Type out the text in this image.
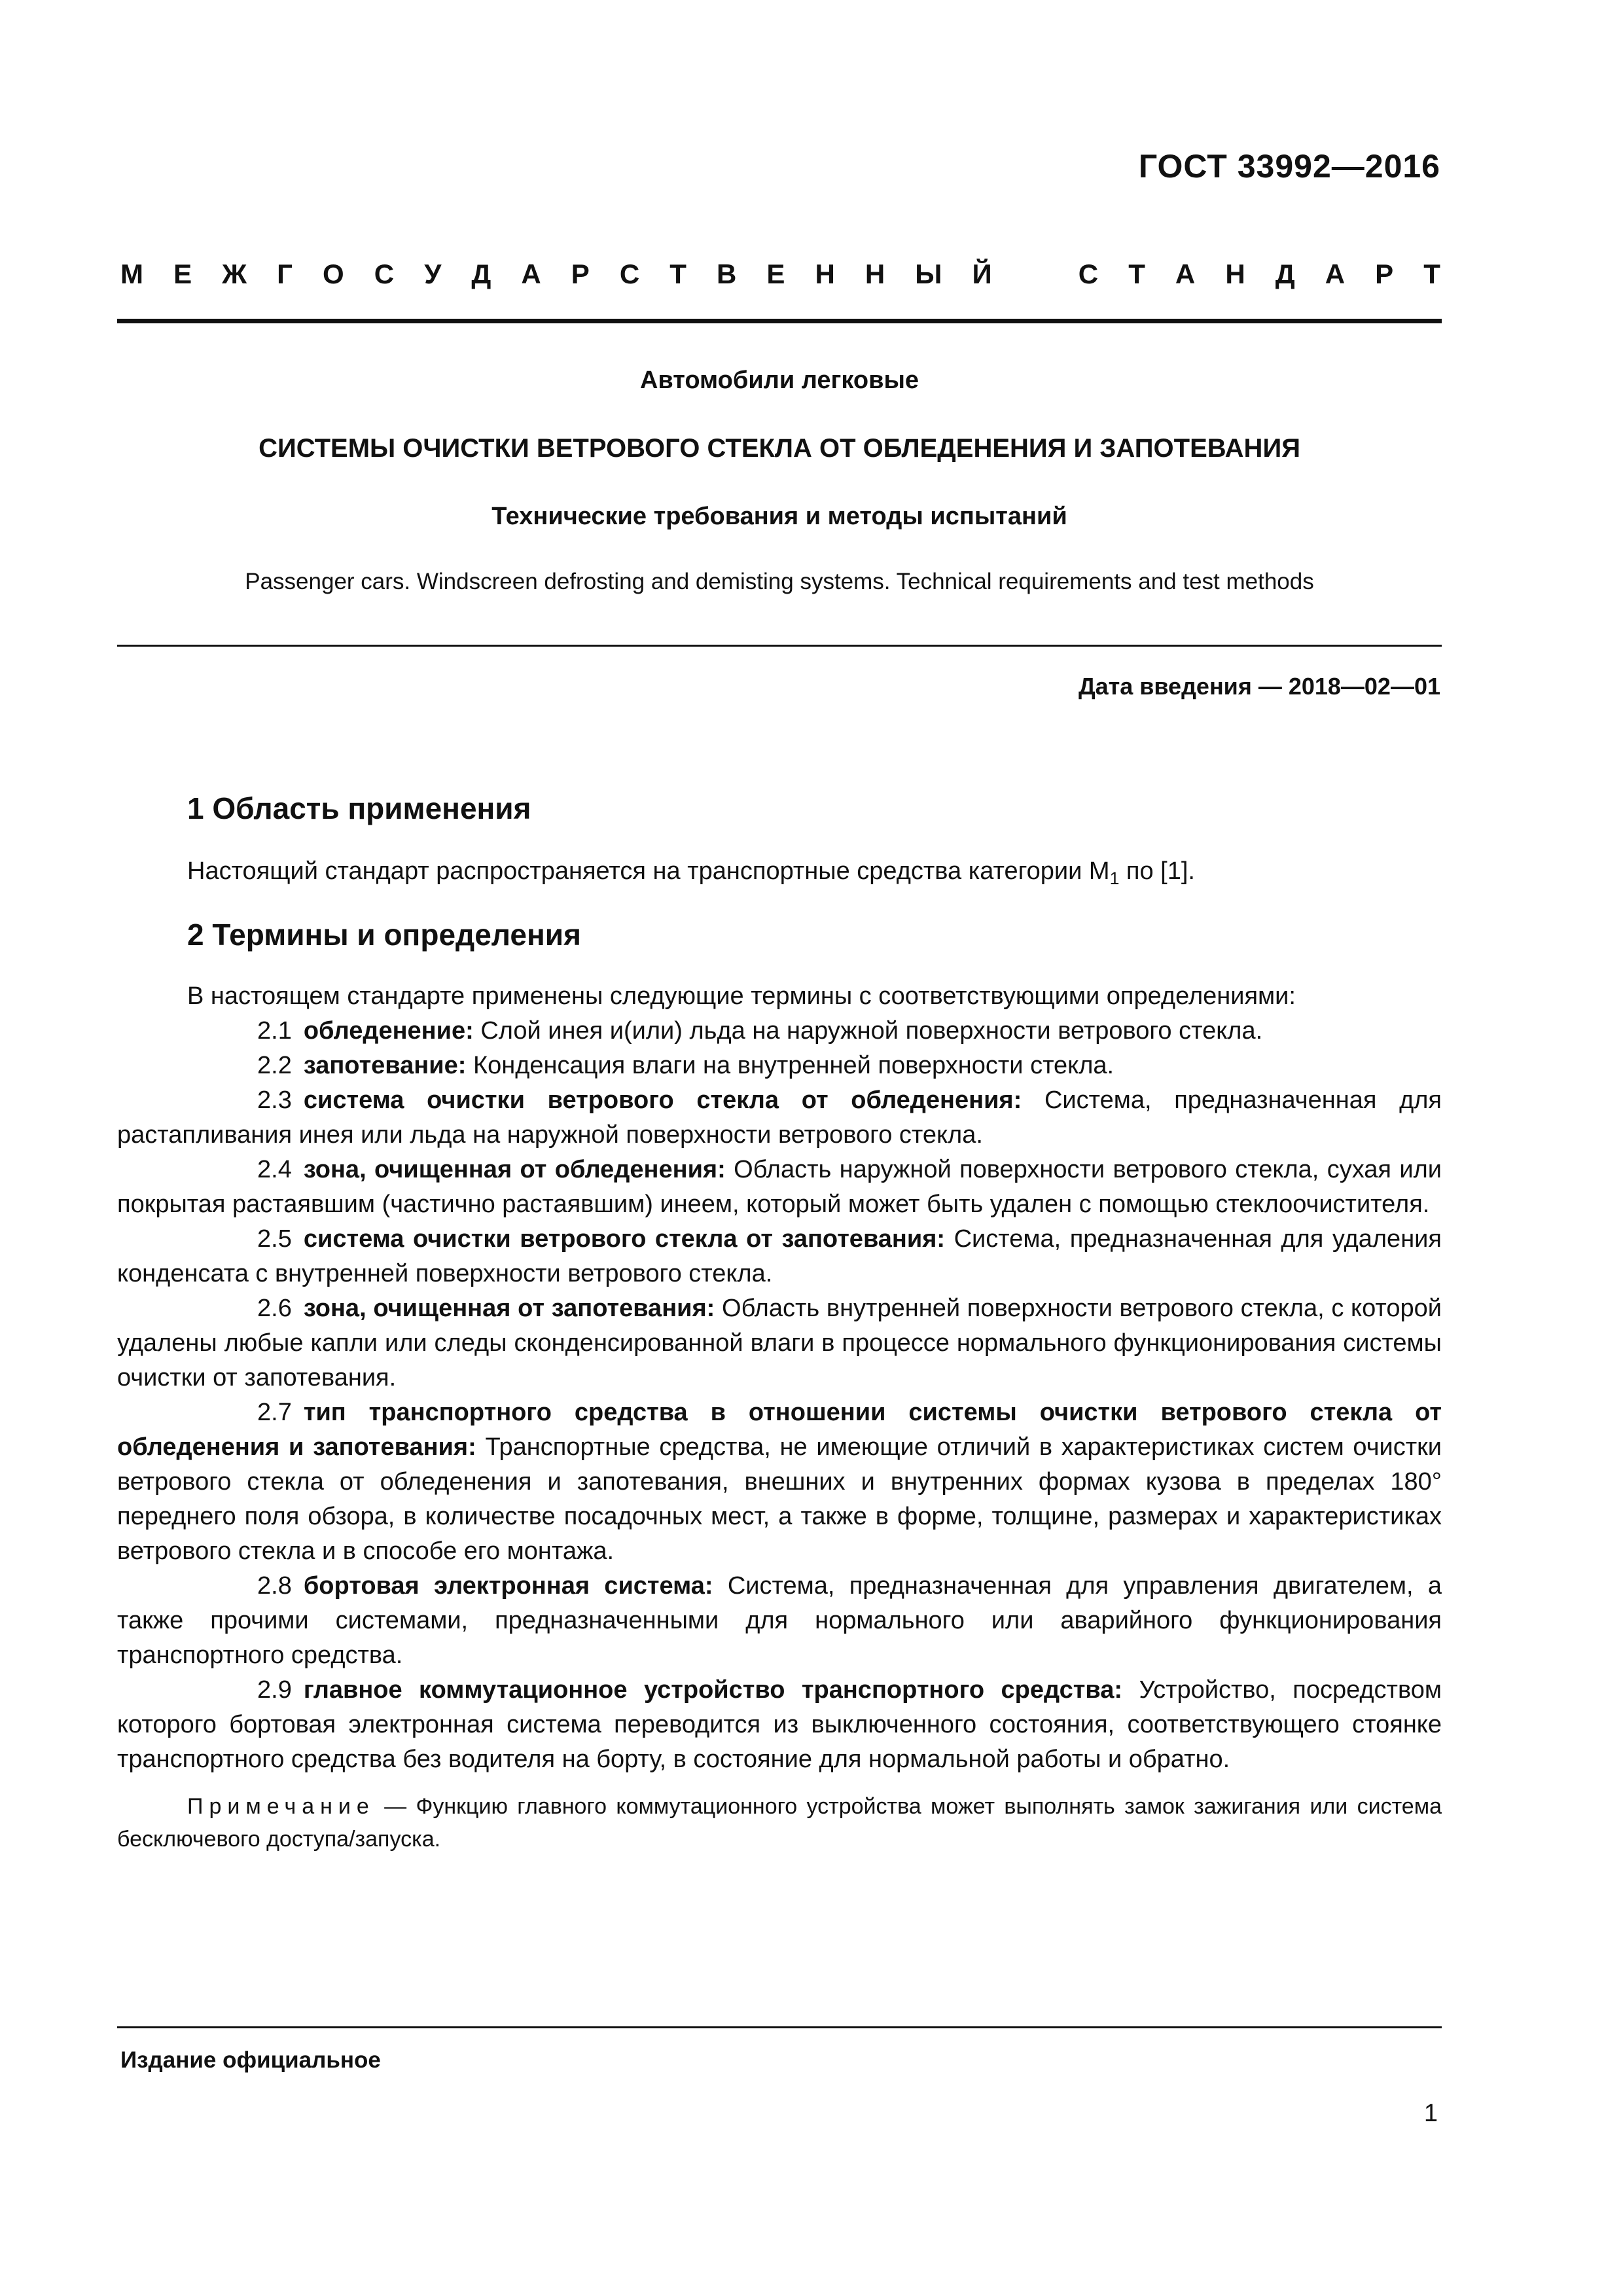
ГОСТ 33992—2016
М Е Ж Г О С У Д А Р С Т В Е Н Н Ы Й	С Т А Н Д А Р Т

Автомобили легковые

СИСТЕМЫ ОЧИСТКИ ВЕТРОВОГО СТЕКЛА ОТ ОБЛЕДЕНЕНИЯ И ЗАПОТЕВАНИЯ

Технические требования и методы испытаний

Passenger cars. Windscreen defrosting and demisting systems. Technical requirements and test methods

Дата введения — 2018—02—01
1 Область применения

Настоящий стандарт распространяется на транспортные средства категории $М_1$ по [1].

2 Термины и определения

В настоящем стандарте применены следующие термины с соответствующими определениями:

2.1 обледенение: Слой инея и(или) льда на наружной поверхности ветрового стекла.

2.2 запотевание: Конденсация влаги на внутренней поверхности стекла.

2.3 система очистки ветрового стекла от обледенения: Система, предназначенная для растапливания инея или льда на наружной поверхности ветрового стекла.

2.4 зона, очищенная от обледенения: Область наружной поверхности ветрового стекла, сухая или покрытая растаявшим (частично растаявшим) инеем, который может быть удален с помощью стеклоочистителя.

2.5 система очистки ветрового стекла от запотевания: Система, предназначенная для удаления конденсата с внутренней поверхности ветрового стекла.

2.6 зона, очищенная от запотевания: Область внутренней поверхности ветрового стекла, с которой удалены любые капли или следы сконденсированной влаги в процессе нормального функционирования системы очистки от запотевания.

2.7 тип транспортного средства в отношении системы очистки ветрового стекла от обледенения и запотевания: Транспортные средства, не имеющие отличий в характеристиках систем очистки ветрового стекла от обледенения и запотевания, внешних и внутренних формах кузова в пределах 180° переднего поля обзора, в количестве посадочных мест, а также в форме, толщине, размерах и характеристиках ветрового стекла и в способе его монтажа.

2.8 бортовая электронная система: Система, предназначенная для управления двигателем, а также прочими системами, предназначенными для нормального или аварийного функционирования транспортного средства.

2.9 главное коммутационное устройство транспортного средства: Устройство, посредством которого бортовая электронная система переводится из выключенного состояния, соответствующего стоянке транспортного средства без водителя на борту, в состояние для нормальной работы и обратно.

Примечание — Функцию главного коммутационного устройства может выполнять замок зажигания или система бесключевого доступа/запуска.

Издание официальное
1
